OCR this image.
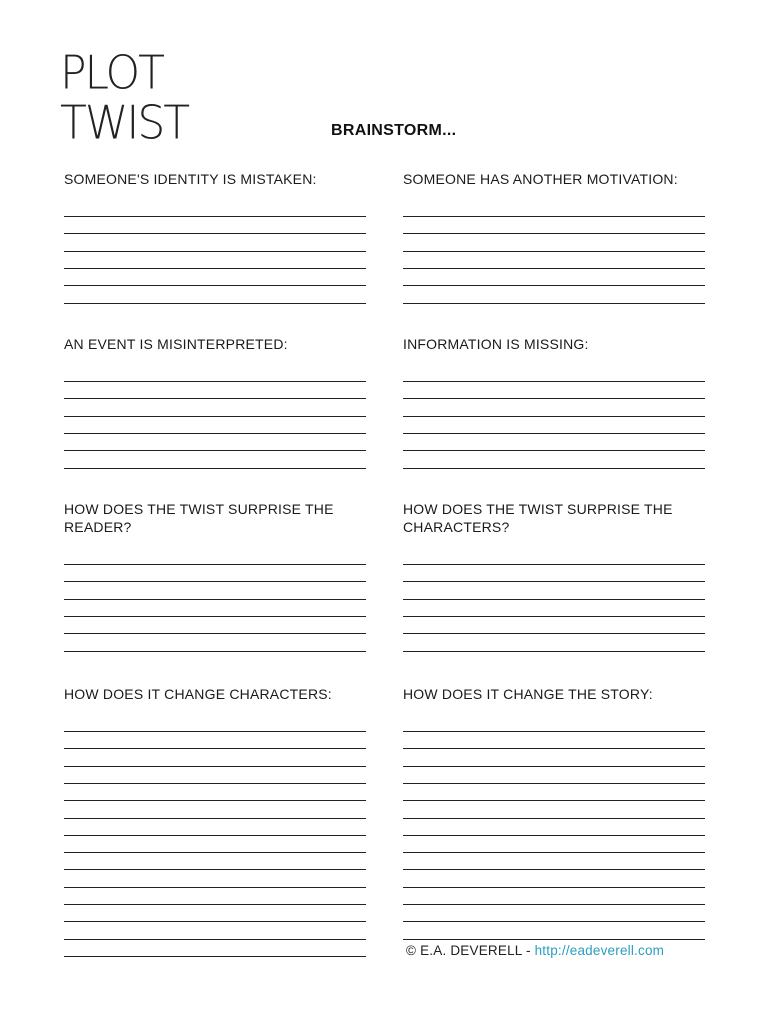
PLOT
TWIST	BRAINSTORM...
SOMEONE'S IDENTITY IS MISTAKEN:	SOMEONE HAS ANOTHER MOTIVATION:
AN EVENT IS MISINTERPRETED:	INFORMATION IS MISSING:
HOW DOES THE TWIST SURPRISE THE READER?
HOW DOES THE TWIST SURPRISE THE CHARACTERS?
HOW DOES IT CHANGE CHARACTERS:	HOW DOES IT CHANGE THE STORY:
© E.A. DEVERELL - http://eadeverell.com
